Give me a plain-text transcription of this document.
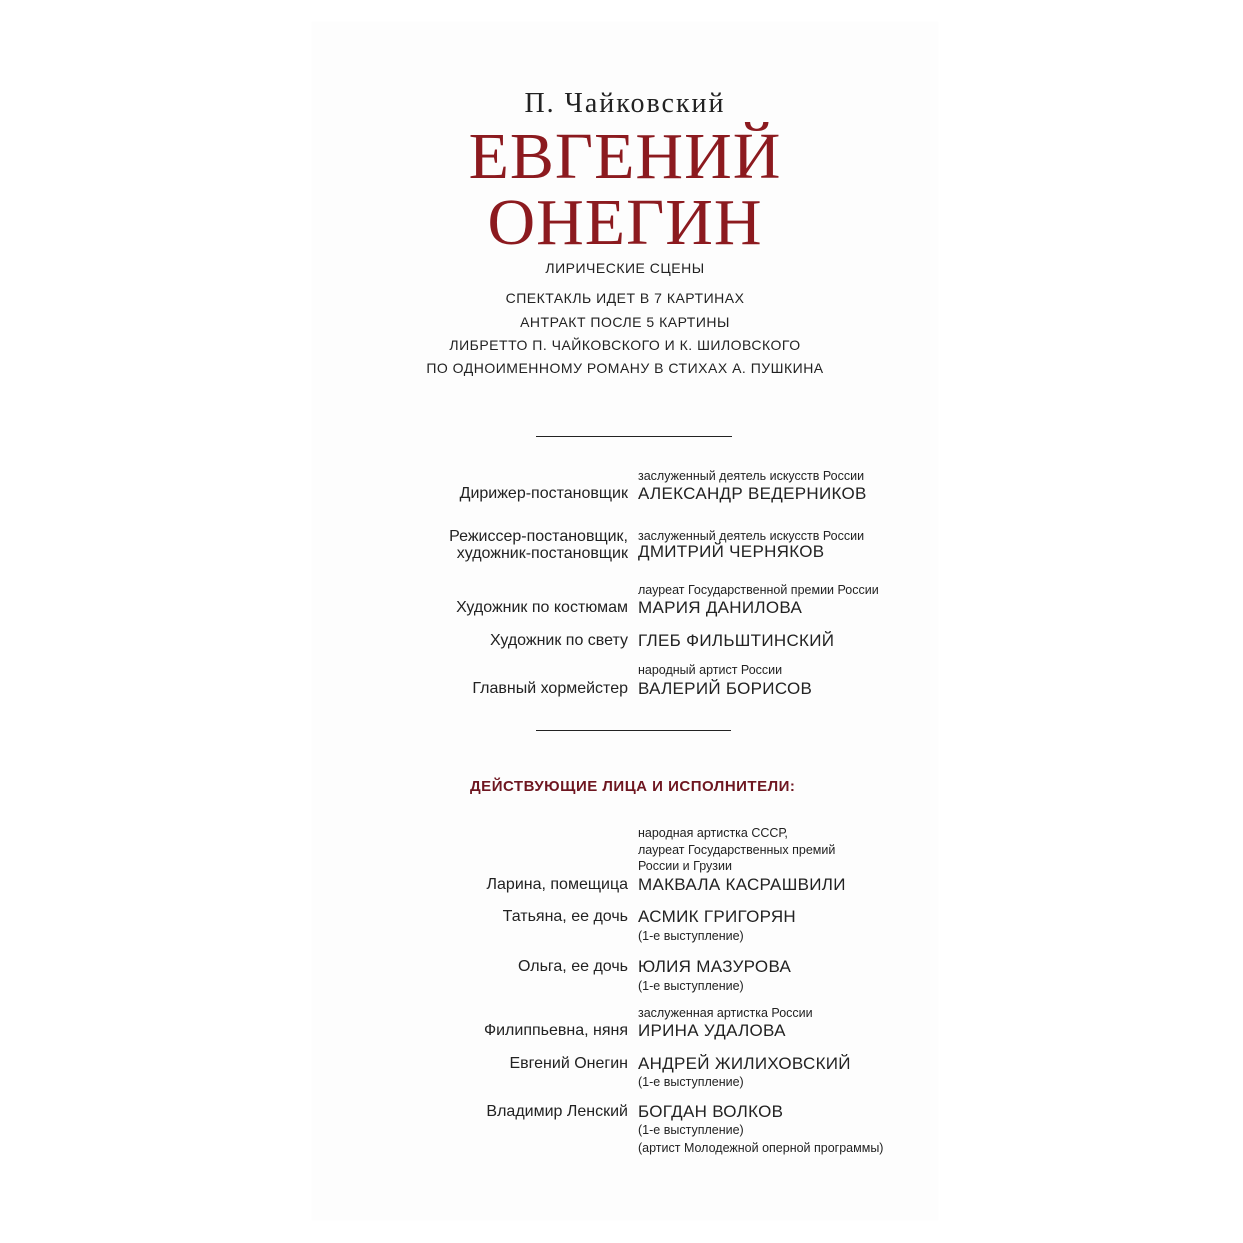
П. Чайковский
ЕВГЕНИЙ
ОНЕГИН
ЛИРИЧЕСКИЕ СЦЕНЫ
СПЕКТАКЛЬ ИДЕТ В 7 КАРТИНАХ
АНТРАКТ ПОСЛЕ 5 КАРТИНЫ
ЛИБРЕТТО П. ЧАЙКОВСКОГО И К. ШИЛОВСКОГО
ПО ОДНОИМЕННОМУ РОМАНУ В СТИХАХ А. ПУШКИНА
заслуженный деятель искусств России
Дирижер-постановщик АЛЕКСАНДР ВЕДЕРНИКОВ
заслуженный деятель искусств России
Режиссер-постановщик,
художник-постановщик ДМИТРИЙ ЧЕРНЯКОВ
лауреат Государственной премии России
Художник по костюмам МАРИЯ ДАНИЛОВА
Художник по свету ГЛЕБ ФИЛЬШТИНСКИЙ
народный артист России
Главный хормейстер ВАЛЕРИЙ БОРИСОВ
ДЕЙСТВУЮЩИЕ ЛИЦА И ИСПОЛНИТЕЛИ:
народная артистка СССР,
лауреат Государственных премий
России и Грузии
Ларина, помещица МАКВАЛА КАСРАШВИЛИ
Татьяна, ее дочь АСМИК ГРИГОРЯН
(1-е выступление)
Ольга, ее дочь ЮЛИЯ МАЗУРОВА
(1-е выступление)
заслуженная артистка России
Филиппьевна, няня ИРИНА УДАЛОВА
Евгений Онегин АНДРЕЙ ЖИЛИХОВСКИЙ
(1-е выступление)
Владимир Ленский БОГДАН ВОЛКОВ
(1-е выступление)
(артист Молодежной оперной программы)
